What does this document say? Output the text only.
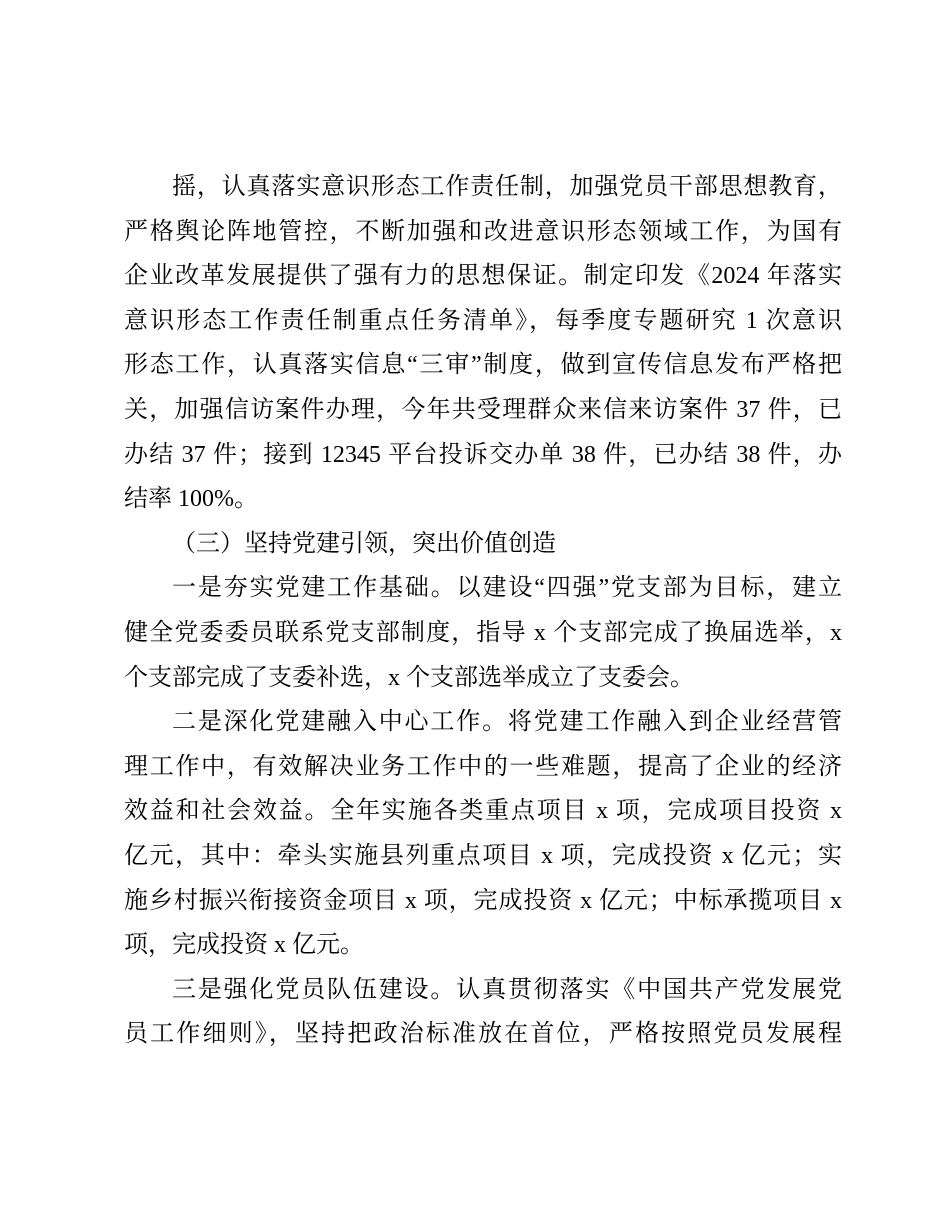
摇，认真落实意识形态工作责任制，加强党员干部思想教育，
严格舆论阵地管控，不断加强和改进意识形态领域工作，为国有
企业改革发展提供了强有力的思想保证。制定印发《2024 年落实
意识形态工作责任制重点任务清单》，每季度专题研究 1 次意识
形态工作，认真落实信息“三审”制度，做到宣传信息发布严格把
关，加强信访案件办理，今年共受理群众来信来访案件 37 件，已
办结 37 件；接到 12345 平台投诉交办单 38 件，已办结 38 件，办
结率 100%。
（三）坚持党建引领，突出价值创造
一是夯实党建工作基础。以建设“四强”党支部为目标，建立
健全党委委员联系党支部制度，指导 x 个支部完成了换届选举，x
个支部完成了支委补选，x 个支部选举成立了支委会。
二是深化党建融入中心工作。将党建工作融入到企业经营管
理工作中，有效解决业务工作中的一些难题，提高了企业的经济
效益和社会效益。全年实施各类重点项目 x 项，完成项目投资 x
亿元，其中：牵头实施县列重点项目 x 项，完成投资 x 亿元；实
施乡村振兴衔接资金项目 x 项，完成投资 x 亿元；中标承揽项目 x
项，完成投资 x 亿元。
三是强化党员队伍建设。认真贯彻落实《中国共产党发展党
员工作细则》，坚持把政治标准放在首位，严格按照党员发展程
